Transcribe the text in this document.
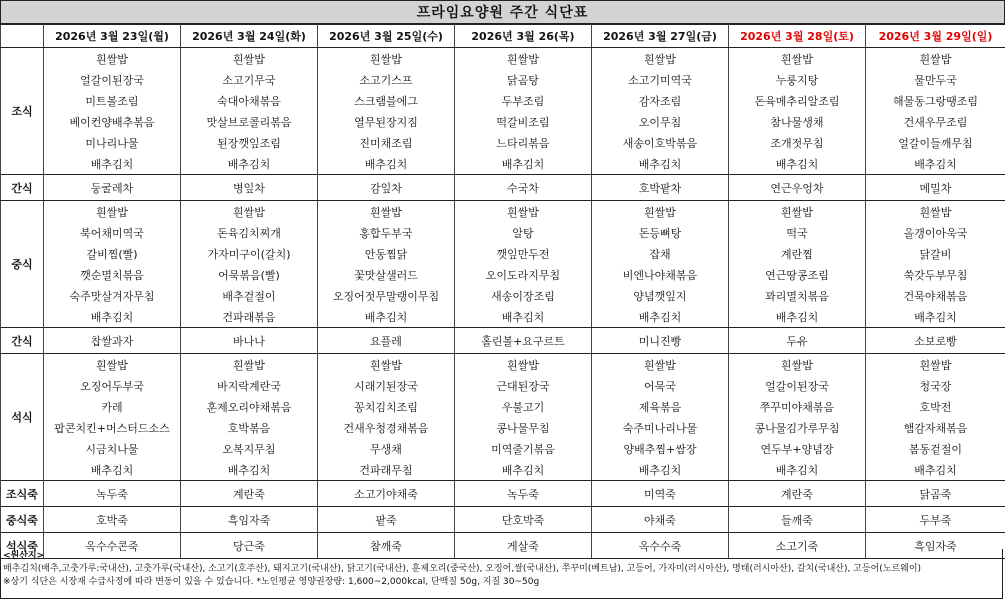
프라임요양원 주간 식단표
	2026년 3월 23일(월)	2026년 3월 24일(화)	2026년 3월 25일(수)	2026년 3월 26(목)	2026년 3월 27일(금)	2026년 3월 28일(토)	2026년 3월 29일(일)
조식	흰쌀밥	흰쌀밥	흰쌀밥	흰쌀밥	흰쌀밥	흰쌀밥	흰쌀밥
	얼갈이된장국	소고기무국	소고기스프	닭곰탕	소고기미역국	누룽지탕	물만두국
	미트볼조림	숙대아채볶음	스크램블에그	두부조림	감자조림	돈육메추리알조림	해물동그랑땡조림
	베이컨양배추볶음	맛살브로콜리볶음	열무된장지짐	떡갈비조림	오이무침	참나물생채	건새우무조림
	미나리나물	된장깻잎조림	진미채조림	느타리볶음	새송이호박볶음	조개젓무침	얼갈이들깨무침
	배추김치	배추김치	배추김치	배추김치	배추김치	배추김치	배추김치
간식	둥굴레차	병잎차	감잎차	수국차	호박팥차	연근우엉차	메밀차
중식	흰쌀밥	흰쌀밥	흰쌀밥	흰쌀밥	흰쌀밥	흰쌀밥	흰쌀밥
	북어채미역국	돈육김치찌개	홍합두부국	알탕	돈등뼈탕	떡국	올갱이아욱국
	갈비찜(빨)	가자미구이(갈치)	안동찜닭	깻잎만두전	잡채	계란찜	닭갈비
	깻순멸치볶음	어묵볶음(빨)	꽃맛살샐러드	오이도라지무침	비엔나야채볶음	연근땅콩조림	쑥갓두부무침
	숙주맛살겨자무침	배추겉절이	오징어젓무말랭이무침	새송이장조림	양념깻잎지	꽈리멸치볶음	건묵야채볶음
	배추김치	건파래볶음	배추김치	배추김치	배추김치	배추김치	배추김치
간식	찹쌀과자	바나나	요플레	홀린볼+요구르트	미니진빵	두유	소보로빵
석식	흰쌀밥	흰쌀밥	흰쌀밥	흰쌀밥	흰쌀밥	흰쌀밥	흰쌀밥
	오징어두부국	바지락계란국	시래기된장국	근대된장국	어묵국	얼갈이된장국	청국장
	카레	훈제오리야채볶음	꽁치김치조림	우불고기	제육볶음	쭈꾸미야채볶음	호박전
	팝콘치킨+머스터드소스	호박볶음	건새우청경채볶음	콩나물무침	숙주미나리나물	콩나물김가루무침	햄감자채볶음
	시금치나물	오복지무침	무생채	미역줄기볶음	양배추찜+쌈장	연두부+양념장	봄동겉절이
	배추김치	배추김치	건파래무침	배추김치	배추김치	배추김치	배추김치
조식죽	녹두죽	계란죽	소고기야채죽	녹두죽	미역죽	계란죽	닭곰죽
중식죽	호박죽	흑임자죽	팥죽	단호박죽	야채죽	들깨죽	두부죽
석식죽	옥수수콘죽	당근죽	참깨죽	게살죽	옥수수죽	소고기죽	흑임자죽
<원산지>
배추김치(배추,고춧가루:국내산), 고춧가루(국내산), 소고기(호주산), 돼지고기(국내산), 닭고기(국내산), 훈제오리(중국산), 오징어,쌀(국내산), 쭈꾸미(베트남), 고등어, 가자미(러시아산), 명태(러시아산), 갈치(국내산), 고등어(노르웨이)
※상기 식단은 시장재 수급사정에 따라 변동이 있을 수 있습니다. *노인평균 영양권장량: 1,600~2,000kcal, 단백질 50g, 지질 30~50g
